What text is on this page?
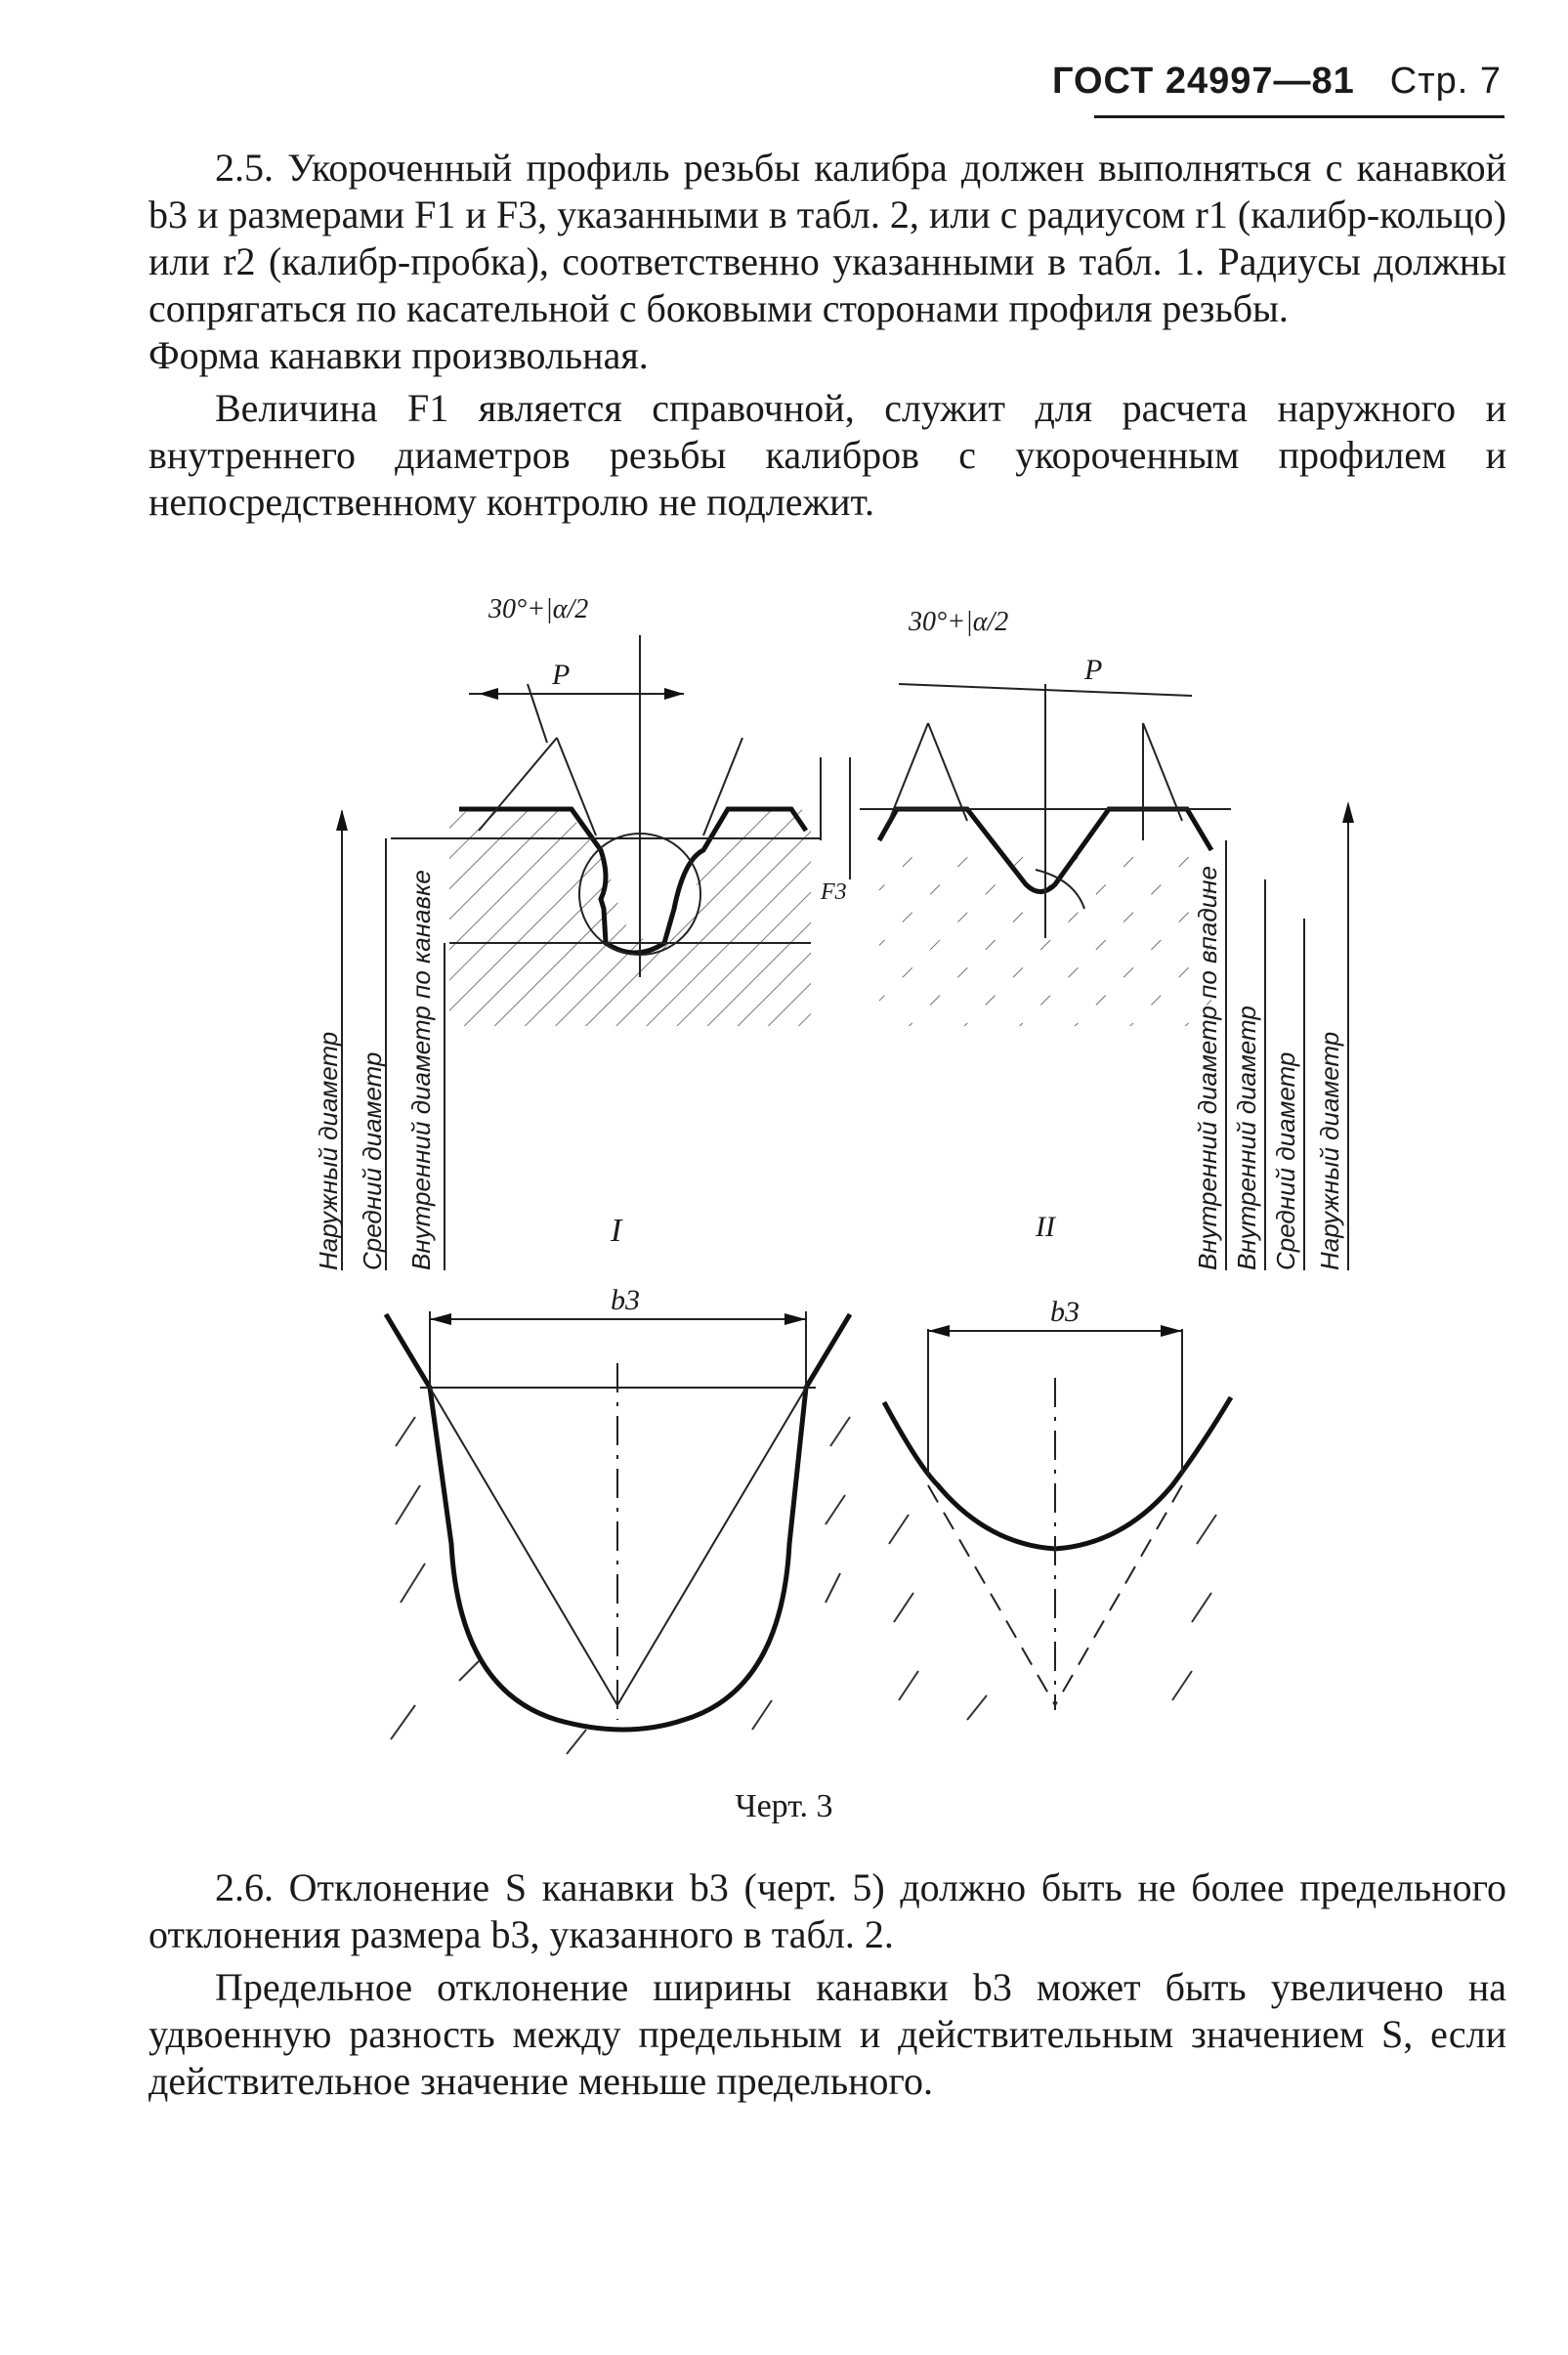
ГОСТ 24997—81 Стр. 7

2.5. Укороченный профиль резьбы калибра должен выполняться с канавкой b3 и размерами F1 и F3, указанными в табл. 2, или с радиусом r1 (калибр-кольцо) или r2 (калибр-пробка), соответственно указанными в табл. 1. Радиусы должны сопрягаться по касательной с боковыми сторонами профиля резьбы.

Форма канавки произвольная.

Величина F1 является справочной, служит для расчета наружного и внутреннего диаметров резьбы калибров с укороченным профилем и непосредственному контролю не подлежит.

30°+|α/2	30°+|α/2
P	P
I	II
F3
Наружный диаметр Средний диаметр Внутренний диаметр по канавке	Внутренний диаметр по впадине Внутренний диаметр Средний диаметр Наружный диаметр
b3	b3
Черт. 3

2.6. Отклонение S канавки b3 (черт. 5) должно быть не более предельного отклонения размера b3, указанного в табл. 2.

Предельное отклонение ширины канавки b3 может быть увеличено на удвоенную разность между предельным и действительным значением S, если действительное значение меньше предельного.
